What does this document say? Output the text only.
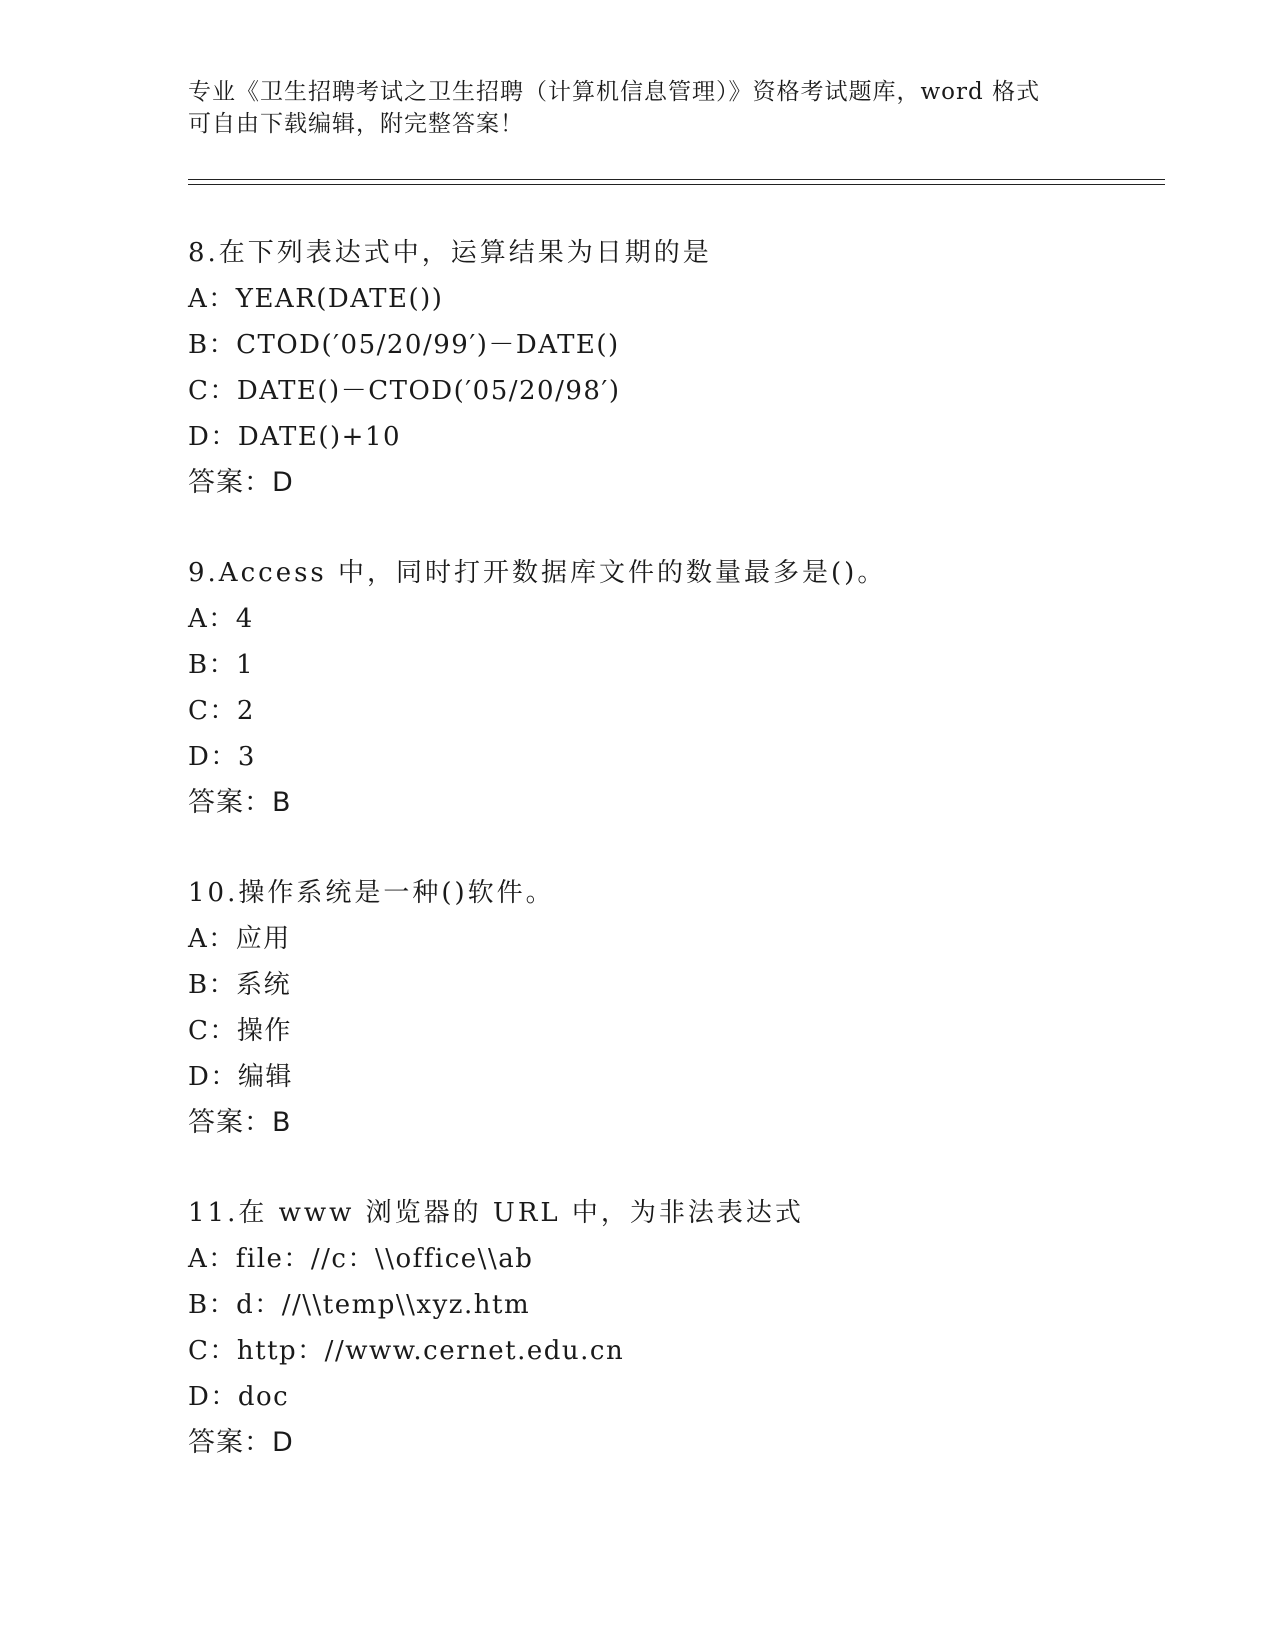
专业《卫生招聘考试之卫生招聘（计算机信息管理）》资格考试题库，word 格式
可自由下载编辑，附完整答案！
8.在下列表达式中，运算结果为日期的是
A：YEAR(DATE())
B：CTOD(′05/20/99′)－DATE()
C：DATE()－CTOD(′05/20/98′)
D：DATE()+10
答案：D
9.Access 中，同时打开数据库文件的数量最多是()。
A：4
B：1
C：2
D：3
答案：B
10.操作系统是一种()软件。
A：应用
B：系统
C：操作
D：编辑
答案：B
11.在 www 浏览器的 URL 中，为非法表达式
A：file：//c：\\office\\ab
B：d：//\\temp\\xyz.htm
C：http：//www.cernet.edu.cn
D：doc
答案：D
